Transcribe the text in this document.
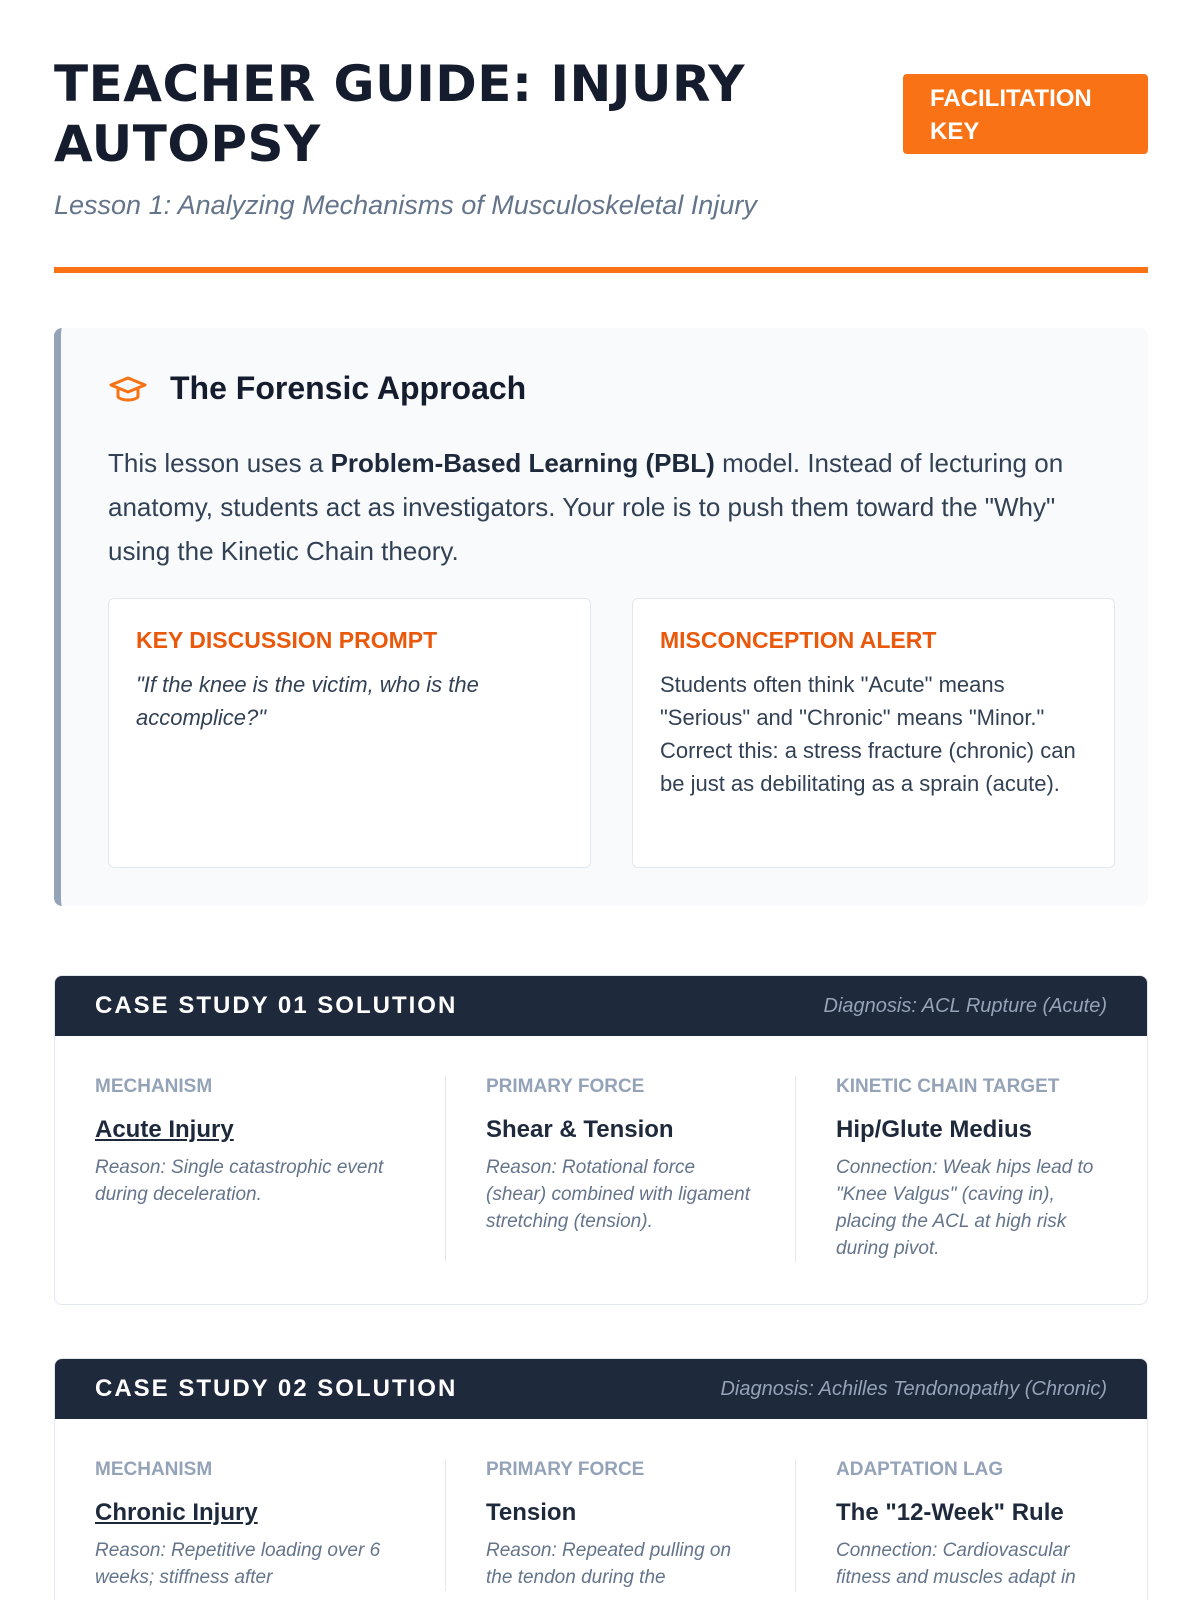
TEACHER GUIDE: INJURY AUTOPSY
FACILITATION KEY
Lesson 1: Analyzing Mechanisms of Musculoskeletal Injury
The Forensic Approach

This lesson uses a Problem-Based Learning (PBL) model. Instead of lecturing on anatomy, students act as investigators. Your role is to push them toward the "Why" using the Kinetic Chain theory.

KEY DISCUSSION PROMPT
"If the knee is the victim, who is the accomplice?"
MISCONCEPTION ALERT
Students often think "Acute" means "Serious" and "Chronic" means "Minor." Correct this: a stress fracture (chronic) can be just as debilitating as a sprain (acute).
CASE STUDY 01 SOLUTION	Diagnosis: ACL Rupture (Acute)
MECHANISM
Acute Injury
Reason: Single catastrophic event during deceleration.
PRIMARY FORCE
Shear & Tension
Reason: Rotational force (shear) combined with ligament stretching (tension).
KINETIC CHAIN TARGET
Hip/Glute Medius
Connection: Weak hips lead to "Knee Valgus" (caving in), placing the ACL at high risk during pivot.
CASE STUDY 02 SOLUTION	Diagnosis: Achilles Tendonopathy (Chronic)
MECHANISM
Chronic Injury
Reason: Repetitive loading over 6 weeks; stiffness after
PRIMARY FORCE
Tension
Reason: Repeated pulling on the tendon during the
ADAPTATION LAG
The "12-Week" Rule
Connection: Cardiovascular fitness and muscles adapt in
